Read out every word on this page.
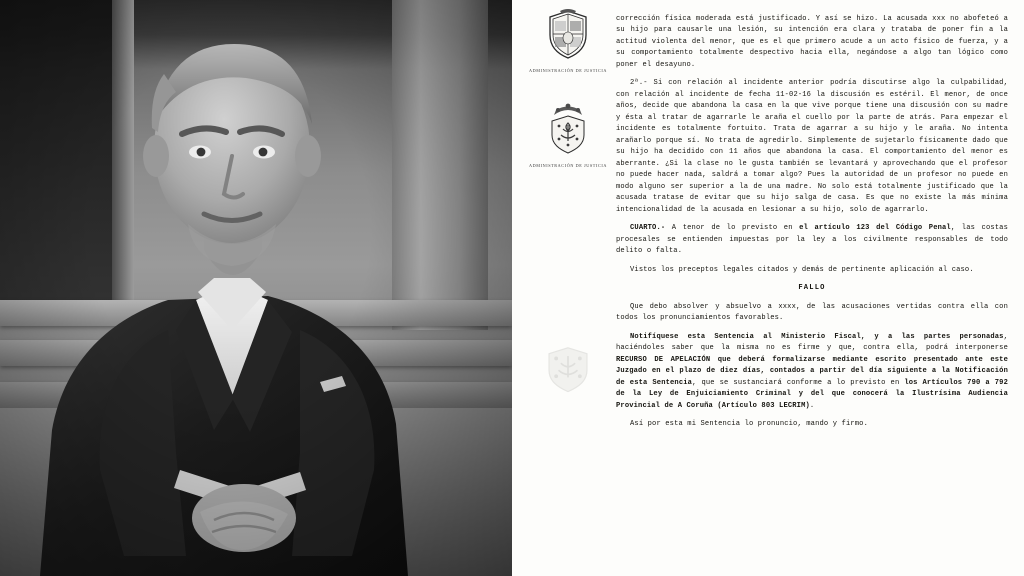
ADMINISTRACIÓN DE JUSTICIA
ADMINISTRACIÓN DE JUSTICIA

corrección física moderada está justificado. Y así se hizo. La acusada xxx no abofeteó a su hijo para causarle una lesión, su intención era clara y trataba de poner fin a la actitud violenta del menor, que es el que primero acude a un acto físico de fuerza, y a su comportamiento totalmente despectivo hacia ella, negándose a algo tan lógico como poner el desayuno.

2ª.- Si con relación al incidente anterior podría discutirse algo la culpabilidad, con relación al incidente de fecha 11-02-16 la discusión es estéril. El menor, de once años, decide que abandona la casa en la que vive porque tiene una discusión con su madre y ésta al tratar de agarrarle le araña el cuello por la parte de atrás. Para empezar el incidente es totalmente fortuito. Trata de agarrar a su hijo y le araña. No intenta arañarlo porque sí. No trata de agredirlo. Simplemente de sujetarlo físicamente dado que su hijo ha decidido con 11 años que abandona la casa. El comportamiento del menor es aberrante. ¿Si la clase no le gusta también se levantará y aprovechando que el profesor no puede hacer nada, saldrá a tomar algo? Pues la autoridad de un profesor no puede en modo alguno ser superior a la de una madre. No solo está totalmente justificado que la acusada tratase de evitar que su hijo salga de casa. Es que no existe la más mínima intencionalidad de la acusada en lesionar a su hijo, solo de agarrarlo.

CUARTO.- A tenor de lo previsto en el artículo 123 del Código Penal, las costas procesales se entienden impuestas por la ley a los civilmente responsables de todo delito o falta.

Vistos los preceptos legales citados y demás de pertinente aplicación al caso.

FALLO

Que debo absolver y absuelvo a xxxx, de las acusaciones vertidas contra ella con todos los pronunciamientos favorables.

Notifíquese esta Sentencia al Ministerio Fiscal, y a las partes personadas, haciéndoles saber que la misma no es firme y que, contra ella, podrá interponerse RECURSO DE APELACIÓN que deberá formalizarse mediante escrito presentado ante este Juzgado en el plazo de diez días, contados a partir del día siguiente a la Notificación de esta Sentencia, que se sustanciará conforme a lo previsto en los Artículos 790 a 792 de la Ley de Enjuiciamiento Criminal y del que conocerá la Ilustrísima Audiencia Provincial de A Coruña (Artículo 803 LECRIM).

Así por esta mi Sentencia lo pronuncio, mando y firmo.
